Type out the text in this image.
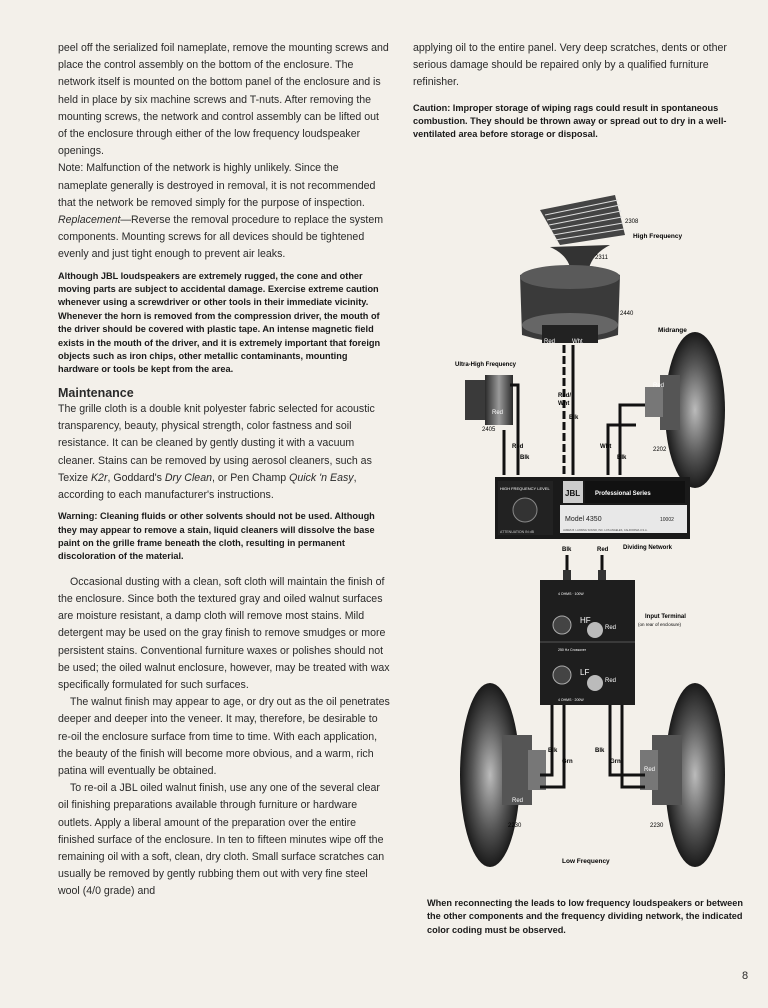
peel off the serialized foil nameplate, remove the mounting screws and place the control assembly on the bottom of the enclosure. The network itself is mounted on the bottom panel of the enclosure and is held in place by six machine screws and T-nuts. After removing the mounting screws, the network and control assembly can be lifted out of the enclosure through either of the low frequency loudspeaker openings.

Note: Malfunction of the network is highly unlikely. Since the nameplate generally is destroyed in removal, it is not recommended that the network be removed simply for the purpose of inspection.

Replacement—Reverse the removal procedure to replace the system components. Mounting screws for all devices should be tightened evenly and just tight enough to prevent air leaks.

Although JBL loudspeakers are extremely rugged, the cone and other moving parts are subject to accidental damage. Exercise extreme caution whenever using a screwdriver or other tools in their immediate vicinity. Whenever the horn is removed from the compression driver, the mouth of the driver should be covered with plastic tape. An intense magnetic field exists in the mouth of the driver, and it is extremely important that foreign objects such as iron chips, other metallic contaminants, mounting hardware or tools be kept from the area.

Maintenance

The grille cloth is a double knit polyester fabric selected for acoustic transparency, beauty, physical strength, color fastness and soil resistance. It can be cleaned by gently dusting it with a vacuum cleaner. Stains can be removed by using aerosol cleaners, such as Texize K2r, Goddard's Dry Clean, or Pen Champ Quick 'n Easy, according to each manufacturer's instructions.

Warning: Cleaning fluids or other solvents should not be used. Although they may appear to remove a stain, liquid cleaners will dissolve the base paint on the grille frame beneath the cloth, resulting in permanent discoloration of the material.

Occasional dusting with a clean, soft cloth will maintain the finish of the enclosure. Since both the textured gray and oiled walnut surfaces are moisture resistant, a damp cloth will remove most stains. Mild detergent may be used on the gray finish to remove smudges or more persistent stains. Conventional furniture waxes or polishes should not be used; the oiled walnut enclosure, however, may be treated with wax specifically formulated for such surfaces.

The walnut finish may appear to age, or dry out as the oil penetrates deeper and deeper into the veneer. It may, therefore, be desirable to re-oil the enclosure surface from time to time. With each application, the beauty of the finish will become more obvious, and a warm, rich patina will eventually be obtained.

To re-oil a JBL oiled walnut finish, use any one of the several clear oil finishing preparations available through furniture or hardware outlets. Apply a liberal amount of the preparation over the entire finished surface of the enclosure. In ten to fifteen minutes wipe off the remaining oil with a soft, clean, dry cloth. Small surface scratches can usually be removed by gently rubbing them out with very fine steel wool (4/0 grade) and

applying oil to the entire panel. Very deep scratches, dents or other serious damage should be repaired only by a qualified furniture refinisher.

Caution: Improper storage of wiping rags could result in spontaneous combustion. They should be thrown away or spread out to dry in a well-ventilated area before storage or disposal.

2308
High Frequency
2311
2440
Midrange
Red	Wht
Red
2202
Ultra-High Frequency
Red
2405
Red/
Wht
Blk
Red
Blk
Wht
Blk
HIGH FREQUENCY LEVEL
ATTENUATION IN dB
JBL Professional Series
Model 4350	10002
JAMES B. LANSING SOUND, INC. LOS ANGELES, CALIFORNIA U.S.A.
Dividing Network
Blk	Red
4 OHMS · 100W
250 Hz Crossover
4 OHMS · 200W
HF
Red
LF
Red
Input Terminal
(on rear of enclosure)
Red
Red
Blk
Grn
Blk
Grn
2230	2230
Low Frequency

When reconnecting the leads to low frequency loudspeakers or between the other components and the frequency dividing network, the indicated color coding must be observed.

8
